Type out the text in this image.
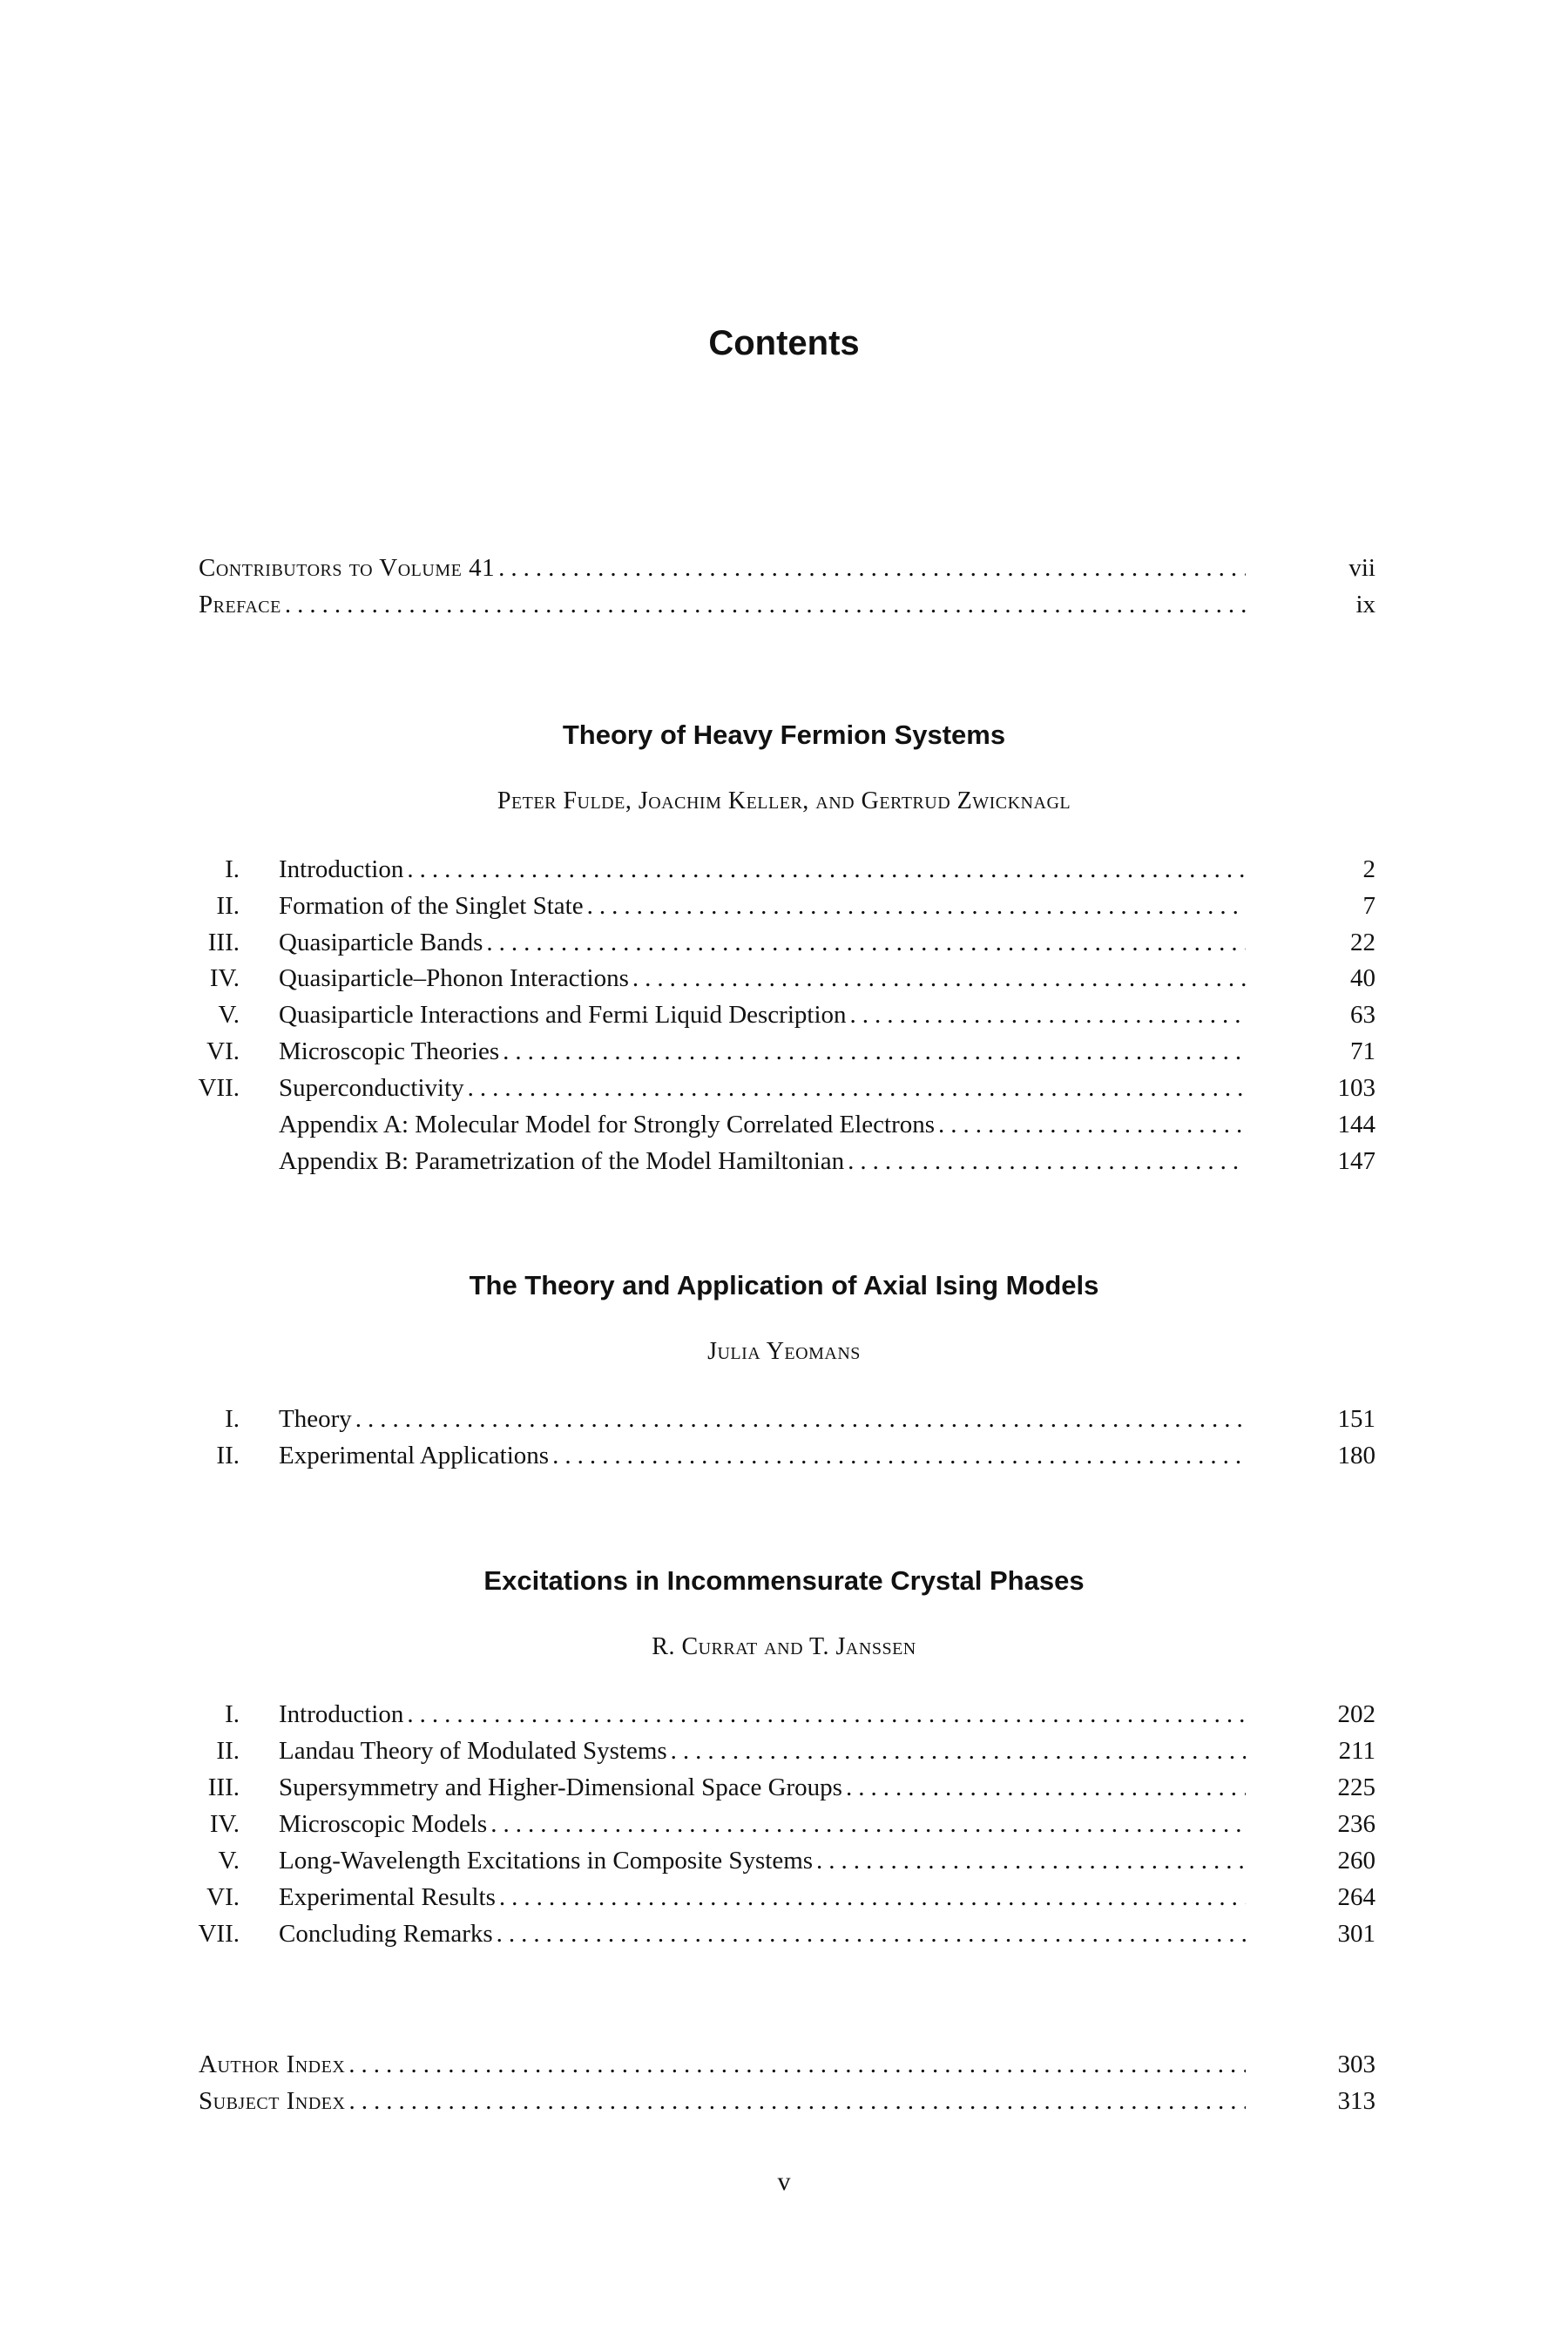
Contents
Contributors to Volume 41 .....	vii
Preface .....	ix
Theory of Heavy Fermion Systems
Peter Fulde, Joachim Keller, and Gertrud Zwicknagl
I. Introduction .....	2
II. Formation of the Singlet State .....	7
III. Quasiparticle Bands .....	22
IV. Quasiparticle–Phonon Interactions .....	40
V. Quasiparticle Interactions and Fermi Liquid Description .....	63
VI. Microscopic Theories .....	71
VII. Superconductivity .....	103
Appendix A: Molecular Model for Strongly Correlated Electrons .....	144
Appendix B: Parametrization of the Model Hamiltonian .....	147
The Theory and Application of Axial Ising Models
Julia Yeomans
I. Theory .....	151
II. Experimental Applications .....	180
Excitations in Incommensurate Crystal Phases
R. Currat and T. Janssen
I. Introduction .....	202
II. Landau Theory of Modulated Systems .....	211
III. Supersymmetry and Higher-Dimensional Space Groups .....	225
IV. Microscopic Models .....	236
V. Long-Wavelength Excitations in Composite Systems .....	260
VI. Experimental Results .....	264
VII. Concluding Remarks .....	301
Author Index .....	303
Subject Index .....	313
v
